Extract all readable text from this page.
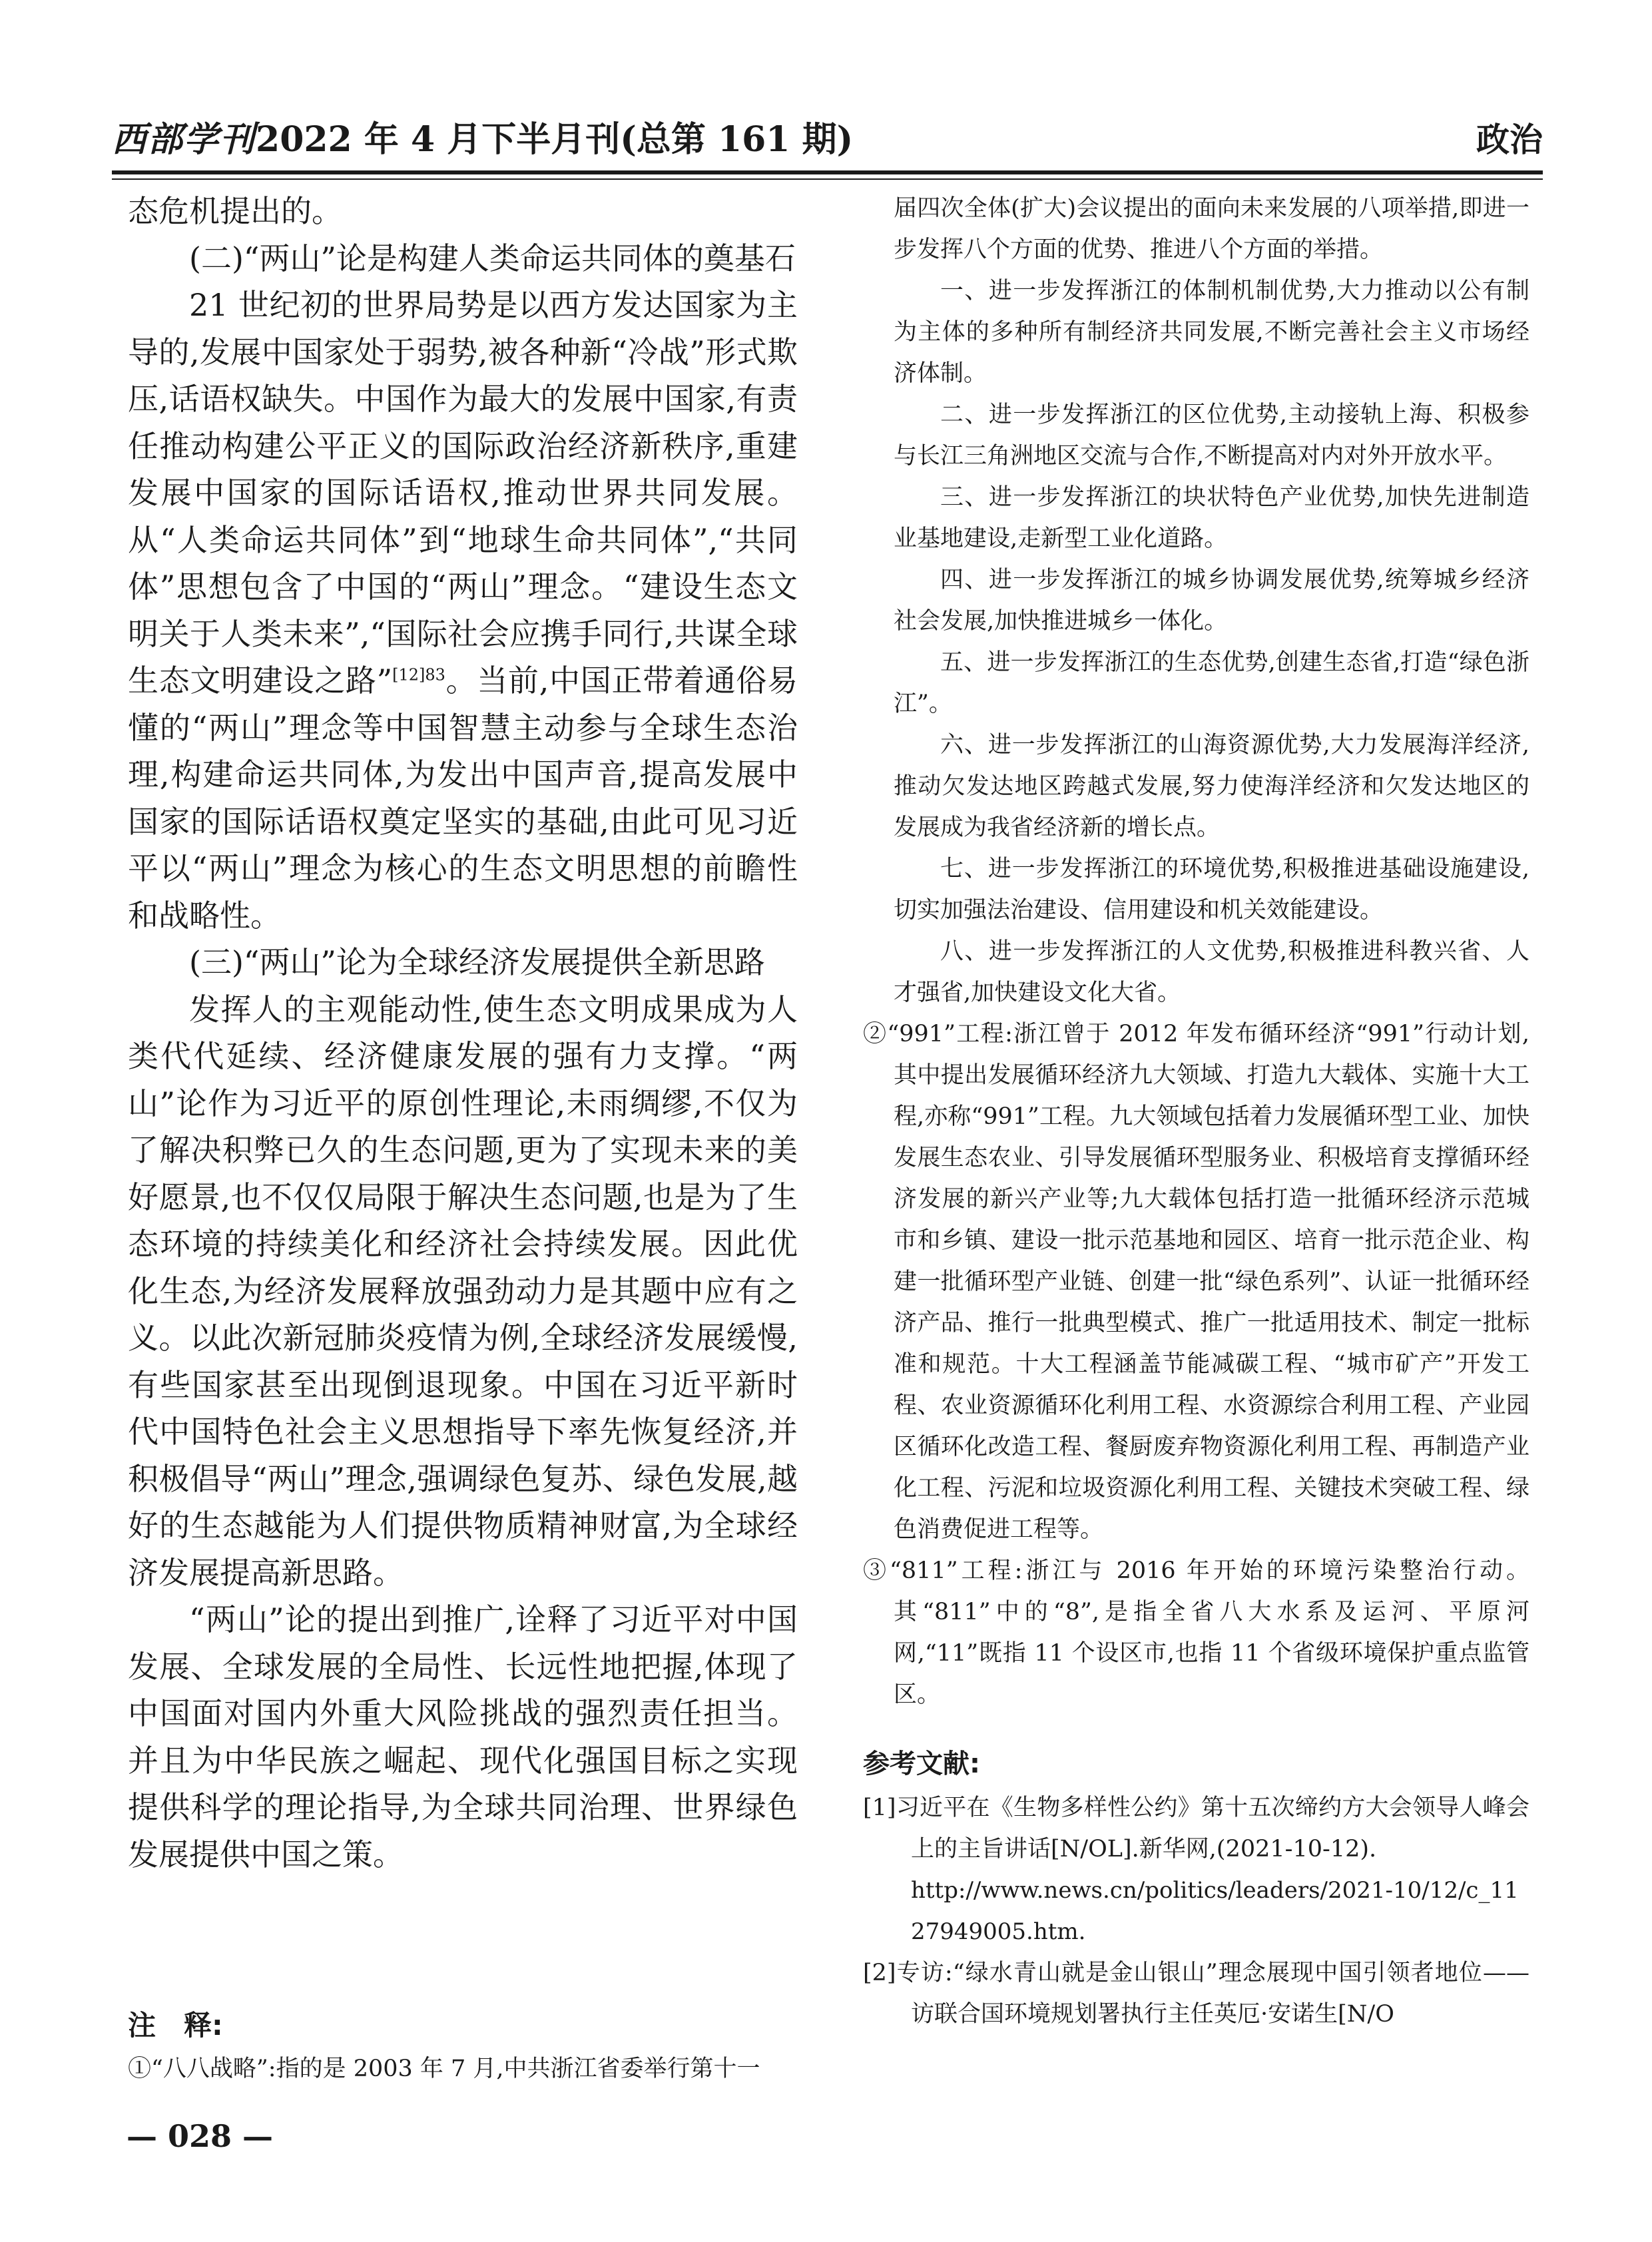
西部学刊2022 年 4 月下半月刊(总第 161 期)	政治

态危机提出的。

(二)“两山”论是构建人类命运共同体的奠基石

21 世纪初的世界局势是以西方发达国家为主导的,发展中国家处于弱势,被各种新“冷战”形式欺压,话语权缺失。中国作为最大的发展中国家,有责任推动构建公平正义的国际政治经济新秩序,重建发展中国家的国际话语权,推动世界共同发展。从“人类命运共同体”到“地球生命共同体”,“共同体”思想包含了中国的“两山”理念。“建设生态文明关于人类未来”,“国际社会应携手同行,共谋全球生态文明建设之路”$^{[12]83}$。当前,中国正带着通俗易懂的“两山”理念等中国智慧主动参与全球生态治理,构建命运共同体,为发出中国声音,提高发展中国家的国际话语权奠定坚实的基础,由此可见习近平以“两山”理念为核心的生态文明思想的前瞻性和战略性。

(三)“两山”论为全球经济发展提供全新思路

发挥人的主观能动性,使生态文明成果成为人类代代延续、经济健康发展的强有力支撑。“两山”论作为习近平的原创性理论,未雨绸缪,不仅为了解决积弊已久的生态问题,更为了实现未来的美好愿景,也不仅仅局限于解决生态问题,也是为了生态环境的持续美化和经济社会持续发展。因此优化生态,为经济发展释放强劲动力是其题中应有之义。以此次新冠肺炎疫情为例,全球经济发展缓慢,有些国家甚至出现倒退现象。中国在习近平新时代中国特色社会主义思想指导下率先恢复经济,并积极倡导“两山”理念,强调绿色复苏、绿色发展,越好的生态越能为人们提供物质精神财富,为全球经济发展提高新思路。

“两山”论的提出到推广,诠释了习近平对中国发展、全球发展的全局性、长远性地把握,体现了中国面对国内外重大风险挑战的强烈责任担当。并且为中华民族之崛起、现代化强国目标之实现提供科学的理论指导,为全球共同治理、世界绿色发展提供中国之策。

注　释:

①“八八战略”:指的是 2003 年 7 月,中共浙江省委举行第十一

— 028 —

届四次全体(扩大)会议提出的面向未来发展的八项举措,即进一步发挥八个方面的优势、推进八个方面的举措。

一、进一步发挥浙江的体制机制优势,大力推动以公有制为主体的多种所有制经济共同发展,不断完善社会主义市场经济体制。

二、进一步发挥浙江的区位优势,主动接轨上海、积极参与长江三角洲地区交流与合作,不断提高对内对外开放水平。

三、进一步发挥浙江的块状特色产业优势,加快先进制造业基地建设,走新型工业化道路。

四、进一步发挥浙江的城乡协调发展优势,统筹城乡经济社会发展,加快推进城乡一体化。

五、进一步发挥浙江的生态优势,创建生态省,打造“绿色浙江”。

六、进一步发挥浙江的山海资源优势,大力发展海洋经济,推动欠发达地区跨越式发展,努力使海洋经济和欠发达地区的发展成为我省经济新的增长点。

七、进一步发挥浙江的环境优势,积极推进基础设施建设,切实加强法治建设、信用建设和机关效能建设。

八、进一步发挥浙江的人文优势,积极推进科教兴省、人才强省,加快建设文化大省。

②“991”工程:浙江曾于 2012 年发布循环经济“991”行动计划,其中提出发展循环经济九大领域、打造九大载体、实施十大工程,亦称“991”工程。九大领域包括着力发展循环型工业、加快发展生态农业、引导发展循环型服务业、积极培育支撑循环经济发展的新兴产业等;九大载体包括打造一批循环经济示范城市和乡镇、建设一批示范基地和园区、培育一批示范企业、构建一批循环型产业链、创建一批“绿色系列”、认证一批循环经济产品、推行一批典型模式、推广一批适用技术、制定一批标准和规范。十大工程涵盖节能减碳工程、“城市矿产”开发工程、农业资源循环化利用工程、水资源综合利用工程、产业园区循环化改造工程、餐厨废弃物资源化利用工程、再制造产业化工程、污泥和垃圾资源化利用工程、关键技术突破工程、绿色消费促进工程等。

③“811”工程:浙江与 2016 年开始的环境污染整治行动。其“811”中的“8”,是指全省八大水系及运河、平原河网,“11”既指 11 个设区市,也指 11 个省级环境保护重点监管区。

参考文献:

[1]习近平在《生物多样性公约》第十五次缔约方大会领导人峰会上的主旨讲话[N/OL].新华网,(2021-10-12).

http://www.news.cn/politics/leaders/2021-10/12/c_1127949005.htm.

[2]专访:“绿水青山就是金山银山”理念展现中国引领者地位——访联合国环境规划署执行主任英厄·安诺生[N/O
